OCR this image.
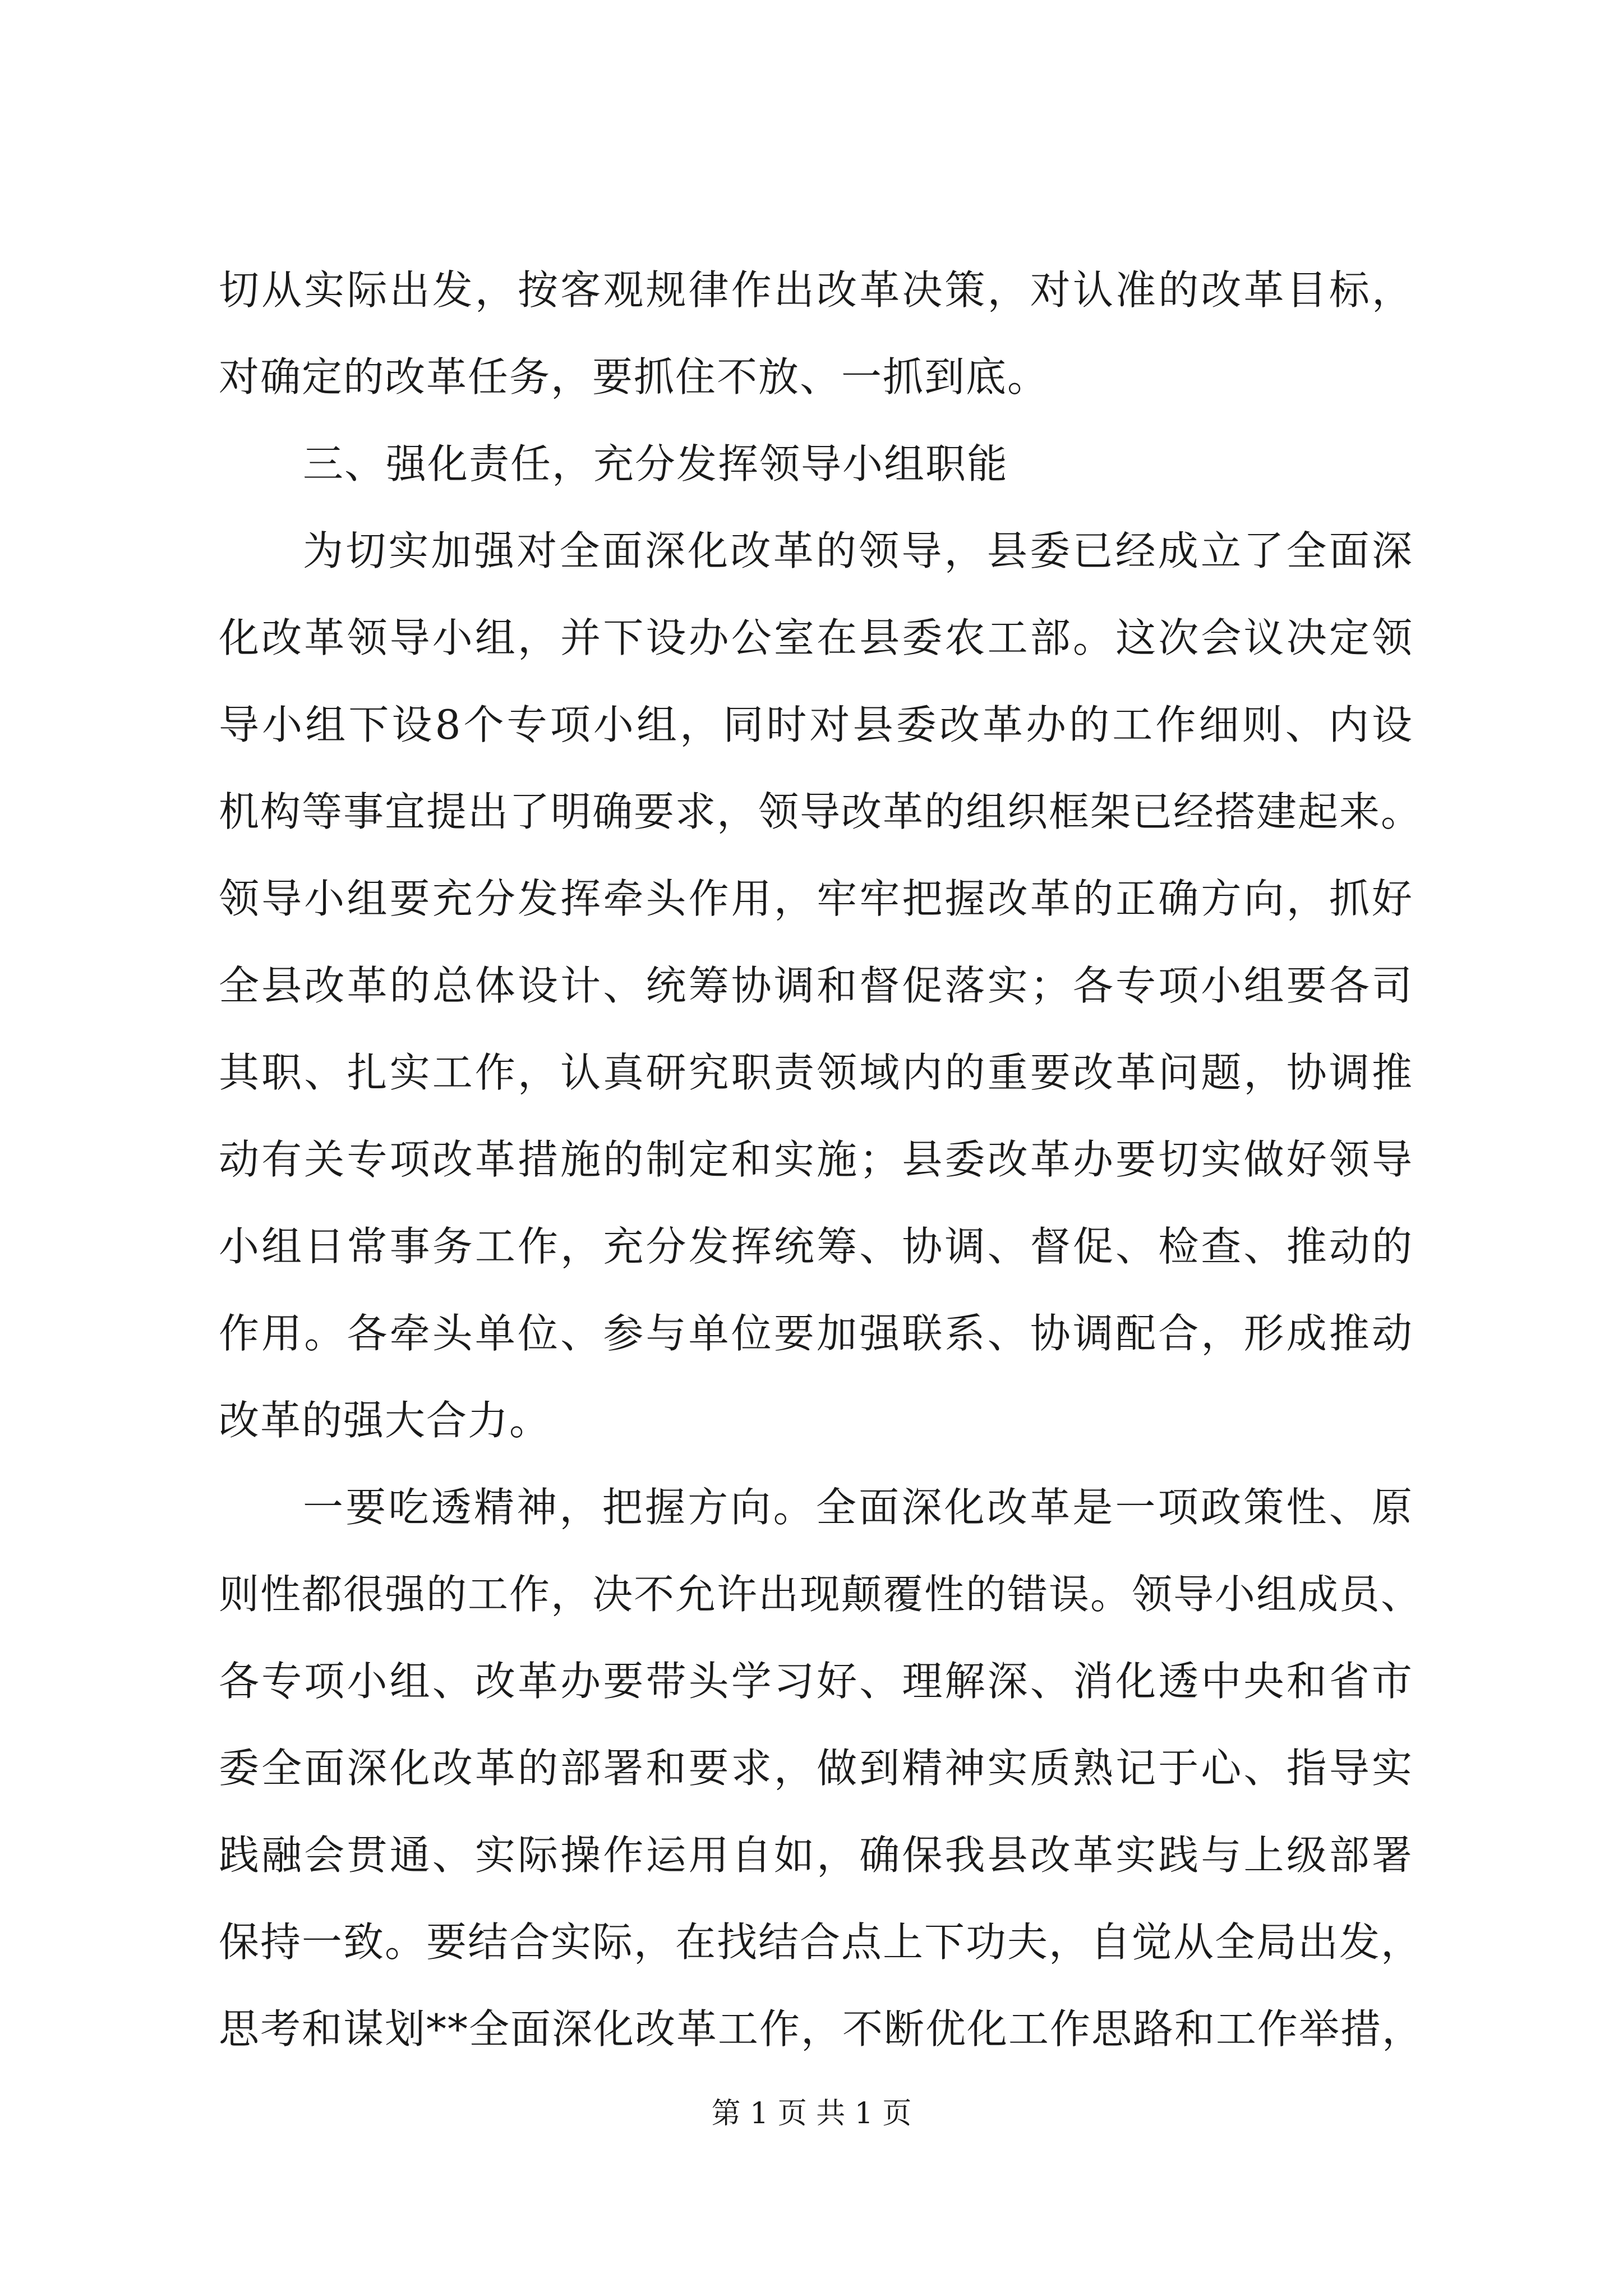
切从实际出发，按客观规律作出改革决策，对认准的改革目标，
对确定的改革任务，要抓住不放、一抓到底。
三、强化责任，充分发挥领导小组职能
为切实加强对全面深化改革的领导，县委已经成立了全面深
化改革领导小组，并下设办公室在县委农工部。这次会议决定领
导小组下设8个专项小组，同时对县委改革办的工作细则、内设
机构等事宜提出了明确要求，领导改革的组织框架已经搭建起来。
领导小组要充分发挥牵头作用，牢牢把握改革的正确方向，抓好
全县改革的总体设计、统筹协调和督促落实；各专项小组要各司
其职、扎实工作，认真研究职责领域内的重要改革问题，协调推
动有关专项改革措施的制定和实施；县委改革办要切实做好领导
小组日常事务工作，充分发挥统筹、协调、督促、检查、推动的
作用。各牵头单位、参与单位要加强联系、协调配合，形成推动
改革的强大合力。
一要吃透精神，把握方向。全面深化改革是一项政策性、原
则性都很强的工作，决不允许出现颠覆性的错误。领导小组成员、
各专项小组、改革办要带头学习好、理解深、消化透中央和省市
委全面深化改革的部署和要求，做到精神实质熟记于心、指导实
践融会贯通、实际操作运用自如，确保我县改革实践与上级部署
保持一致。要结合实际，在找结合点上下功夫，自觉从全局出发，
思考和谋划**全面深化改革工作，不断优化工作思路和工作举措，
第 1 页 共 1 页
